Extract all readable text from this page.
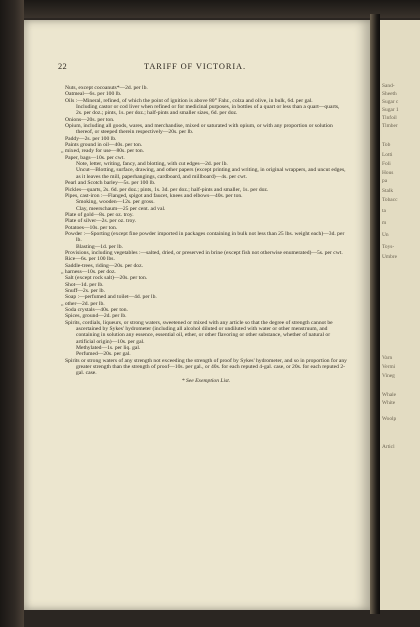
22	TARIFF OF VICTORIA.

Nuts, except cocoanuts*—2d. per lb.

Oatmeal—6s. per 100 lb.

Oils :—Mineral, refined, of which the point of ignition is above 80° Fahr., colza and olive, in bulk, 6d. per gal.

Including castor or cod liver when refined or for medicinal purposes, in bottles of a quart or less than a quart—quarts, 2s. per doz.; pints, 1s. per doz.; half-pints and smaller sizes, 6d. per doz.

Onions—20s. per ton.

Opium, including all goods, wares, and merchandise, mixed or saturated with opium, or with any proportion or solution thereof, or steeped therein respectively—20s. per lb.

Paddy—2s. per 100 lb.

Paints ground in oil—40s. per ton.

„ mixed, ready for use—80s. per ton.

Paper, bags—10s. per cwt.

Note, letter, writing, fancy, and blotting, with cut edges—2d. per lb.

Uncut—Blotting, surface, drawing, and other papers (except printing and writing, in original wrappers, and uncut edges, as it leaves the mill, paperhangings, cardboard, and millboard)—4s. per cwt.

Pearl and Scotch barley—5s. per 100 lb.

Pickles—quarts, 2s. 6d. per doz.; pints, 1s. 3d. per doz.; half-pints and smaller, 1s. per doz.

Pipes, cast-iron :—Flanged, spigot and faucet, knees and elbows—40s. per ton.

Smoking, wooden—12s. per gross.

Clay, meerschaum—25 per cent. ad val.

Plate of gold—8s. per oz. troy.

Plate of silver—2s. per oz. troy.

Potatoes—10s. per ton.

Powder :—Sporting (except fine powder imported in packages containing in bulk not less than 25 lbs. weight each)—3d. per lb.

Blasting—1d. per lb.

Provisions, including vegetables :—salted, dried, or preserved in brine (except fish not otherwise enumerated)—5s. per cwt.

Rice—6s. per 100 lbs.

Saddle-trees, riding—20s. per doz.

„ harness—10s. per doz.

Salt (except rock salt)—20s. per ton.

Shot—1d. per lb.

Snuff—2s. per lb.

Soap :—perfumed and toilet—4d. per lb.

„ other—2d. per lb.

Soda crystals—40s. per ton.

Spices, ground—2d. per lb.

Spirits, cordials, liqueurs, or strong waters, sweetened or mixed with any article so that the degree of strength cannot be ascertained by Sykes' hydrometer (including all alcohol diluted or undiluted with water or other menstruum, and containing in solution any essence, essential oil, ether, or other flavoring or other substance, whether of natural or artificial origin)—10s. per gal.

Methylated—1s. per liq. gal.

Perfumed—20s. per gal.

Spirits or strong waters of any strength not exceeding the strength of proof by Sykes' hydrometer, and so in proportion for any greater strength than the strength of proof—10s. per gal., or 40s. for each reputed 4-gal. case, or 20s. for each reputed 2-gal. case.

* See Exemption List.

Sand-
Sheeth
Sugar c
Sugar 1
Tinfoil
Timber
Tob
Lotti
Foli
Hous
pa
Stalk
Tobacc
ta
m
Un
Toys-
Umbre
Varn
Vermi
Vineg
Whale
White
Woolp
Articl
